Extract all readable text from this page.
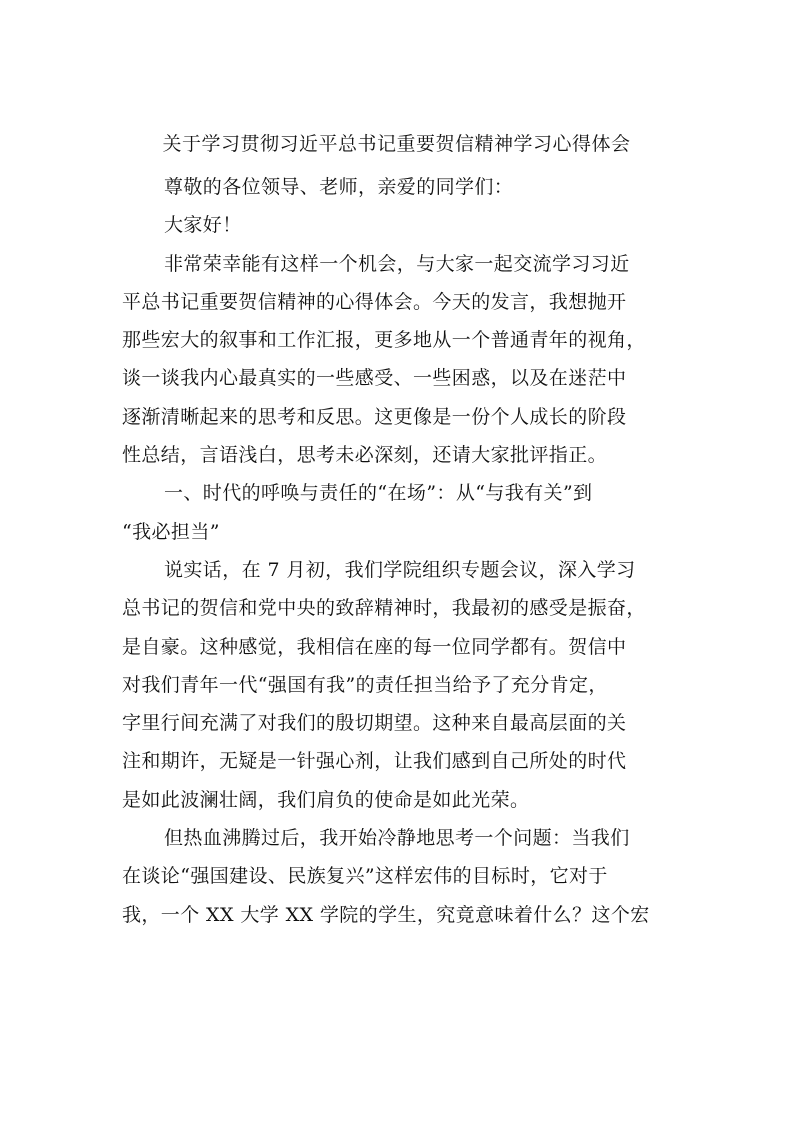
关于学习贯彻习近平总书记重要贺信精神学习心得体会
尊敬的各位领导、老师，亲爱的同学们：
大家好！
非常荣幸能有这样一个机会，与大家一起交流学习习近
平总书记重要贺信精神的心得体会。今天的发言，我想抛开
那些宏大的叙事和工作汇报，更多地从一个普通青年的视角，
谈一谈我内心最真实的一些感受、一些困惑，以及在迷茫中
逐渐清晰起来的思考和反思。这更像是一份个人成长的阶段
性总结，言语浅白，思考未必深刻，还请大家批评指正。
一、时代的呼唤与责任的“在场”：从“与我有关”到
“我必担当”
说实话，在 7 月初，我们学院组织专题会议，深入学习
总书记的贺信和党中央的致辞精神时，我最初的感受是振奋，
是自豪。这种感觉，我相信在座的每一位同学都有。贺信中
对我们青年一代“强国有我”的责任担当给予了充分肯定，
字里行间充满了对我们的殷切期望。这种来自最高层面的关
注和期许，无疑是一针强心剂，让我们感到自己所处的时代
是如此波澜壮阔，我们肩负的使命是如此光荣。
但热血沸腾过后，我开始冷静地思考一个问题：当我们
在谈论“强国建设、民族复兴”这样宏伟的目标时，它对于
我，一个 XX 大学 XX 学院的学生，究竟意味着什么？这个宏
